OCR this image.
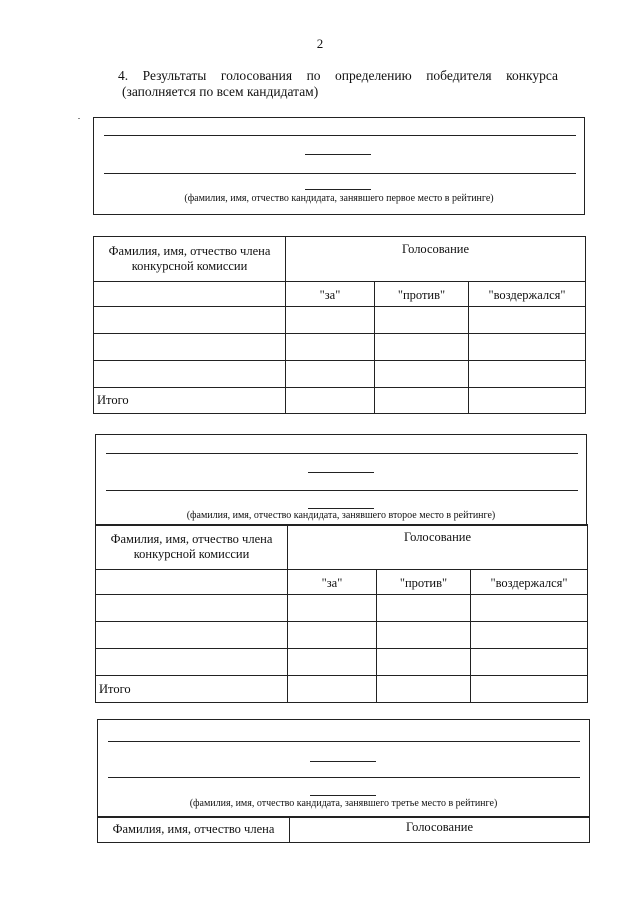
2
4. Результаты голосования по определению победителя конкурса
(заполняется по всем кандидатам)
(фамилия, имя, отчество кандидата, занявшего первое место в рейтинге)
Фамилия, имя, отчество члена конкурсной комиссии	Голосование		
	"за"	"против"	"воздержался"

Итого			
(фамилия, имя, отчество кандидата, занявшего второе место в рейтинге)
Фамилия, имя, отчество члена конкурсной комиссии	Голосование		
	"за"	"против"	"воздержался"

Итого			
(фамилия, имя, отчество кандидата, занявшего третье место в рейтинге)
Фамилия, имя, отчество члена	Голосование
